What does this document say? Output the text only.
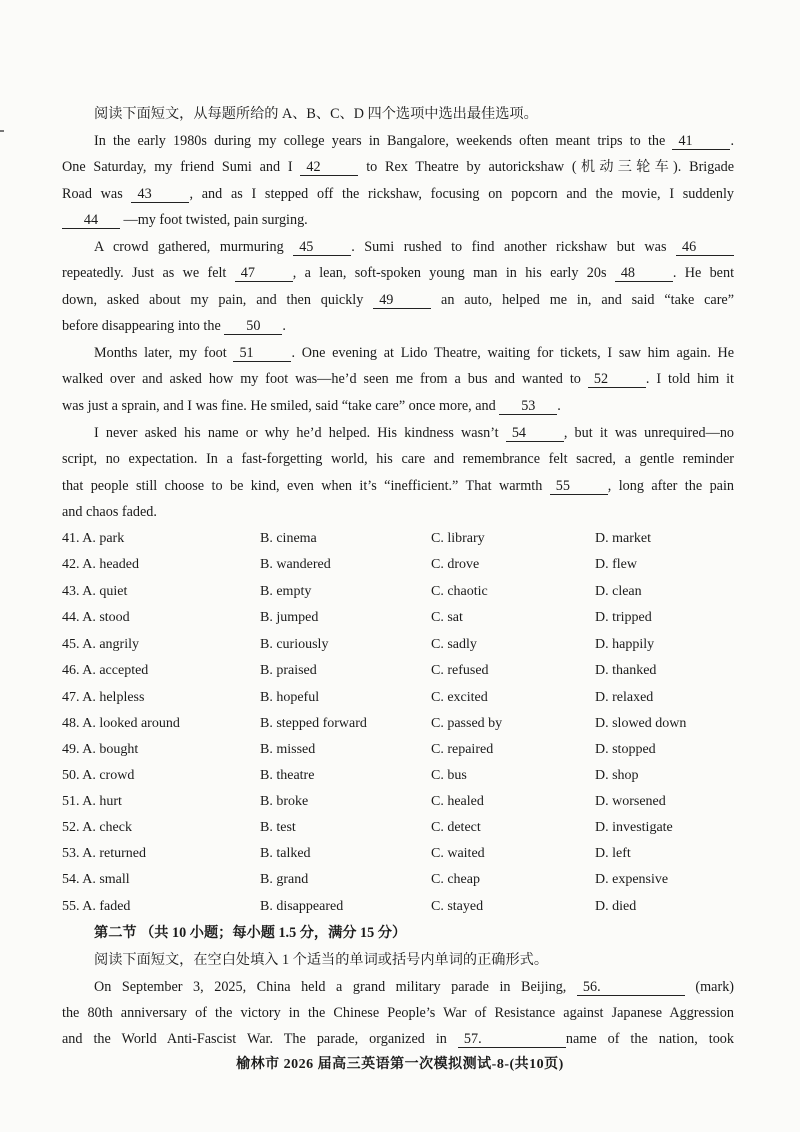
阅读下面短文，从每题所给的 A、B、C、D 四个选项中选出最佳选项。
In the early 1980s during my college years in Bangalore, weekends often meant trips to the 41	.
One Saturday, my friend Sumi and I 42	to Rex Theatre by autorickshaw (机动三轮车). Brigade
Road was 43	, and as I stepped off the rickshaw, focusing on popcorn and the movie, I suddenly
44 —my foot twisted, pain surging.
A crowd gathered, murmuring 45	. Sumi rushed to find another rickshaw but was 46
repeatedly. Just as we felt 47	, a lean, soft-spoken young man in his early 20s 48	. He bent
down, asked about my pain, and then quickly 49	an auto, helped me in, and said “take care”
before disappearing into the 50 .
Months later, my foot 51	. One evening at Lido Theatre, waiting for tickets, I saw him again. He
walked over and asked how my foot was—he’d seen me from a bus and wanted to 52	. I told him it
was just a sprain, and I was fine. He smiled, said “take care” once more, and 53 .
I never asked his name or why he’d helped. His kindness wasn’t 54	, but it was unrequired—no
script, no expectation. In a fast-forgetting world, his care and remembrance felt sacred, a gentle reminder
that people still choose to be kind, even when it’s “inefficient.” That warmth 55	, long after the pain
and chaos faded.
41. A. park	B. cinema	C. library	D. market
42. A. headed	B. wandered	C. drove	D. flew
43. A. quiet	B. empty	C. chaotic	D. clean
44. A. stood	B. jumped	C. sat	D. tripped
45. A. angrily	B. curiously	C. sadly	D. happily
46. A. accepted	B. praised	C. refused	D. thanked
47. A. helpless	B. hopeful	C. excited	D. relaxed
48. A. looked around	B. stepped forward	C. passed by	D. slowed down
49. A. bought	B. missed	C. repaired	D. stopped
50. A. crowd	B. theatre	C. bus	D. shop
51. A. hurt	B. broke	C. healed	D. worsened
52. A. check	B. test	C. detect	D. investigate
53. A. returned	B. talked	C. waited	D. left
54. A. small	B. grand	C. cheap	D. expensive
55. A. faded	B. disappeared	C. stayed	D. died
第二节 （共 10 小题；每小题 1.5 分，满分 15 分）
阅读下面短文，在空白处填入 1 个适当的单词或括号内单词的正确形式。
On September 3, 2025, China held a grand military parade in Beijing, 56.	(mark)
the 80th anniversary of the victory in the Chinese People’s War of Resistance against Japanese Aggression
and the World Anti-Fascist War. The parade, organized in 57.	name of the nation, took
榆林市 2026 届高三英语第一次模拟测试-8-(共10页)
